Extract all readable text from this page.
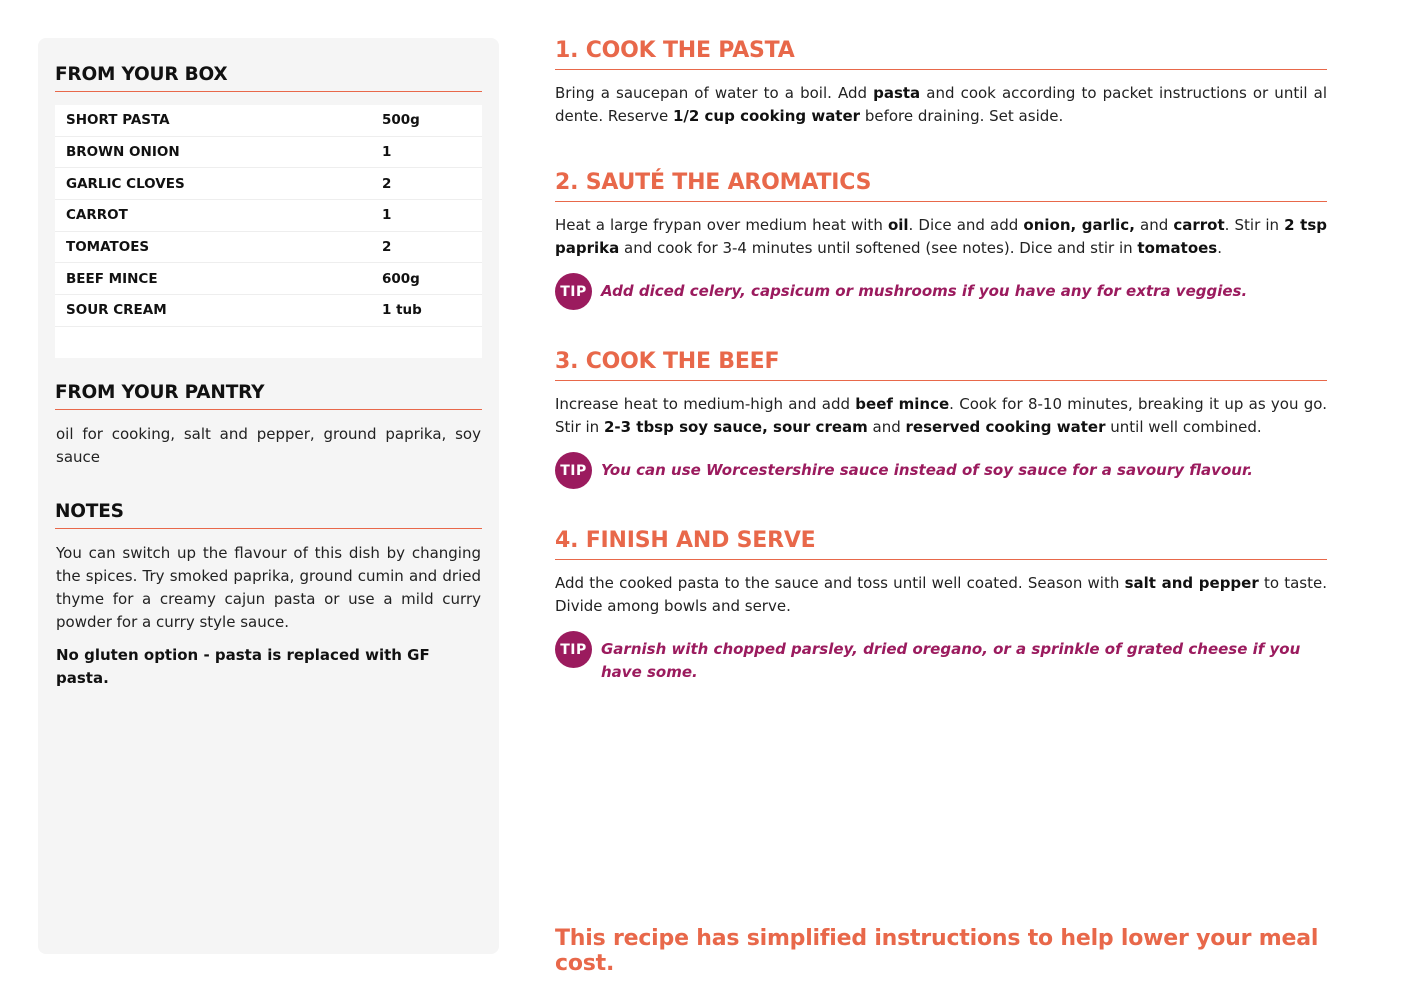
FROM YOUR BOX
SHORT PASTA	500g
BROWN ONION	1
GARLIC CLOVES	2
CARROT	1
TOMATOES	2
BEEF MINCE	600g
SOUR CREAM	1 tub
FROM YOUR PANTRY
oil for cooking, salt and pepper, ground paprika, soy sauce
NOTES
You can switch up the flavour of this dish by changing the spices. Try smoked paprika, ground cumin and dried thyme for a creamy cajun pasta or use a mild curry powder for a curry style sauce.
No gluten option - pasta is replaced with GF pasta.
1. COOK THE PASTA
Bring a saucepan of water to a boil. Add pasta and cook according to packet instructions or until al dente. Reserve 1/2 cup cooking water before draining. Set aside.
2. SAUTÉ THE AROMATICS
Heat a large frypan over medium heat with oil. Dice and add onion, garlic, and carrot. Stir in 2 tsp paprika and cook for 3-4 minutes until softened (see notes). Dice and stir in tomatoes.
TIP Add diced celery, capsicum or mushrooms if you have any for extra veggies.
3. COOK THE BEEF
Increase heat to medium-high and add beef mince. Cook for 8-10 minutes, breaking it up as you go. Stir in 2-3 tbsp soy sauce, sour cream and reserved cooking water until well combined.
TIP You can use Worcestershire sauce instead of soy sauce for a savoury flavour.
4. FINISH AND SERVE
Add the cooked pasta to the sauce and toss until well coated. Season with salt and pepper to taste. Divide among bowls and serve.
TIP Garnish with chopped parsley, dried oregano, or a sprinkle of grated cheese if you have some.
This recipe has simplified instructions to help lower your meal cost.
